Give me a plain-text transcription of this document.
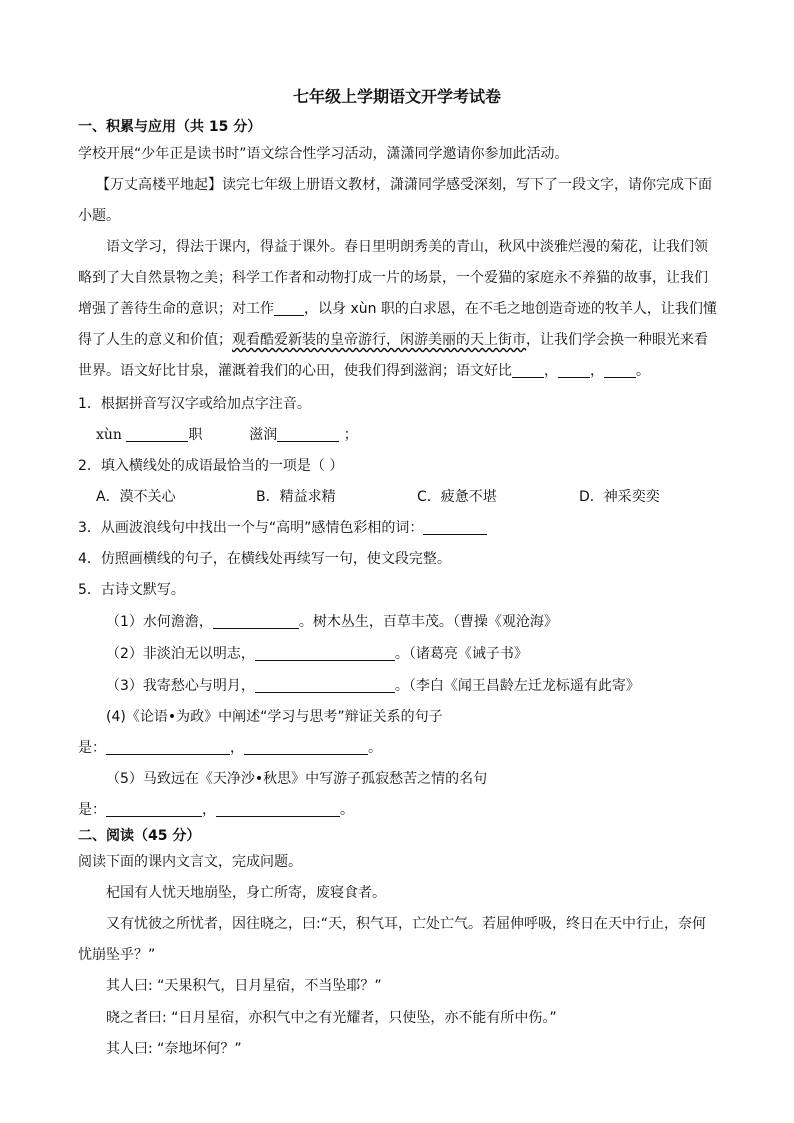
七年级上学期语文开学考试卷
一、积累与应用（共 15 分）
学校开展“少年正是读书时”语文综合性学习活动，潇潇同学邀请你参加此活动。
【万丈高楼平地起】读完七年级上册语文教材，潇潇同学感受深刻，写下了一段文字，请你完成下面
小题。
语文学习，得法于课内，得益于课外。春日里明朗秀美的青山，秋风中淡雅烂漫的菊花，让我们领
略到了大自然景物之美；科学工作者和动物打成一片的场景，一个爱猫的家庭永不养猫的故事，让我们
增强了善待生命的意识；对工作 ，以身 xùn 职的白求恩，在不毛之地创造奇迹的牧羊人，让我们懂
得了人生的意义和价值；观看酷爱新装的皇帝游行，闲游美丽的天上街市，让我们学会换一种眼光来看
世界。语文好比甘泉，灌溉着我们的心田，使我们得到滋润；语文好比 ， ， 。
1．根据拼音写汉字或给加点字注音。
xùn	职	滋润	；
2．填入横线处的成语最恰当的一项是（ ）
A．漠不关心	B．精益求精	C．疲惫不堪	D．神采奕奕
3．从画波浪线句中找出一个与“高明”感情色彩相的词：
4．仿照画横线的句子，在横线处再续写一句，使文段完整。
5．古诗文默写。
（1）水何澹澹，	。树木丛生，百草丰茂。（曹操《观沧海》
（2）非淡泊无以明志，	。（诸葛亮《诫子书》
（3）我寄愁心与明月，	。（李白《闻王昌龄左迁龙标遥有此寄》
(4)《论语•为政》中阐述“学习与思考”辩证关系的句子
是：	，	。
（5）马致远在《天净沙•秋思》中写游子孤寂愁苦之情的名句
是：	，	。
二、阅读（45 分）
阅读下面的课内文言文，完成问题。
杞国有人忧天地崩坠，身亡所寄，废寝食者。
又有忧彼之所忧者，因往晓之，曰:“天，积气耳，亡处亡气。若屈伸呼吸，终日在天中行止，奈何
忧崩坠乎？”
其人曰: “天果积气，日月星宿，不当坠耶？”
晓之者曰: “日月星宿，亦积气中之有光耀者，只使坠，亦不能有所中伤。”
其人曰: “奈地坏何？”
